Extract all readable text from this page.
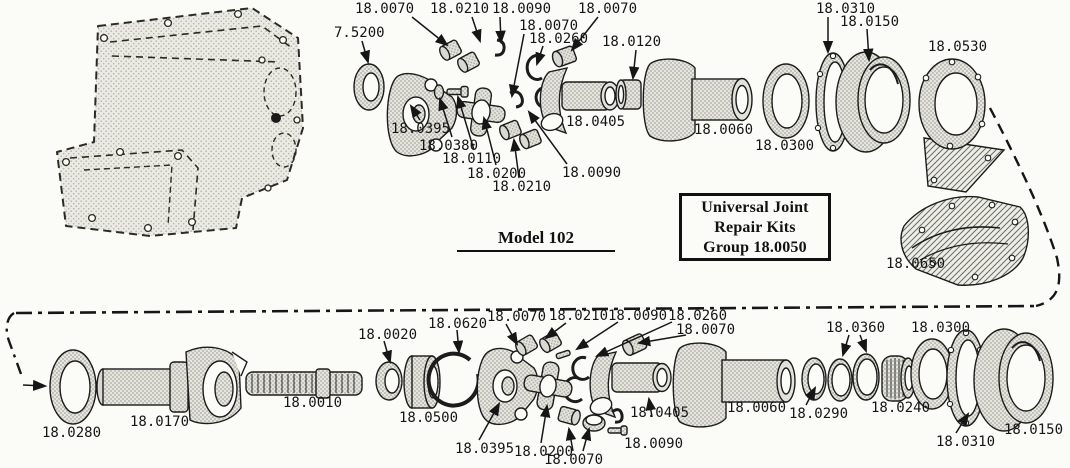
18.0070 18.0210 18.0090 18.0070
7.5200	18.0070
18.0260 18.0120
18.0310
18.0150
18.0530
18.0395
18.0380
18.0110
18.0200
18.0210
18.0090
18.0405	18.0060
18.0300
18.0650
18.0280
18.0170
18.0010
18.0020
18.0500
18.0620 18.0070 18.0210 18.0090 18.0260
18.0070
18.0395 18.0200
18.0070
18.0090
18.0405	18.0060 18.0290
18.0360
18.0240
18.0300
18.0310
18.0150
Model 102
Universal Joint
Repair Kits
Group 18.0050
